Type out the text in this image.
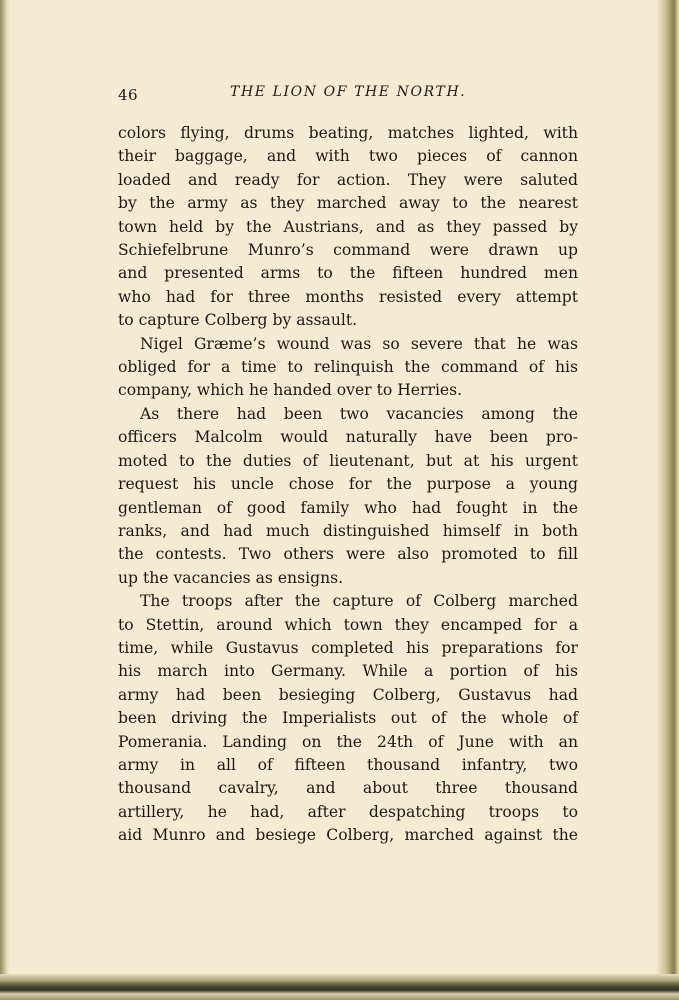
46	THE LION OF THE NORTH.
colors flying, drums beating, matches lighted, with
their baggage, and with two pieces of cannon
loaded and ready for action. They were saluted
by the army as they marched away to the nearest
town held by the Austrians, and as they passed by
Schiefelbrune Munro’s command were drawn up
and presented arms to the fifteen hundred men
who had for three months resisted every attempt
to capture Colberg by assault.
Nigel Græme’s wound was so severe that he was
obliged for a time to relinquish the command of his
company, which he handed over to Herries.
As there had been two vacancies among the
officers Malcolm would naturally have been pro-
moted to the duties of lieutenant, but at his urgent
request his uncle chose for the purpose a young
gentleman of good family who had fought in the
ranks, and had much distinguished himself in both
the contests. Two others were also promoted to fill
up the vacancies as ensigns.
The troops after the capture of Colberg marched
to Stettin, around which town they encamped for a
time, while Gustavus completed his preparations for
his march into Germany. While a portion of his
army had been besieging Colberg, Gustavus had
been driving the Imperialists out of the whole of
Pomerania. Landing on the 24th of June with an
army in all of fifteen thousand infantry, two
thousand cavalry, and about three thousand
artillery, he had, after despatching troops to
aid Munro and besiege Colberg, marched against the
